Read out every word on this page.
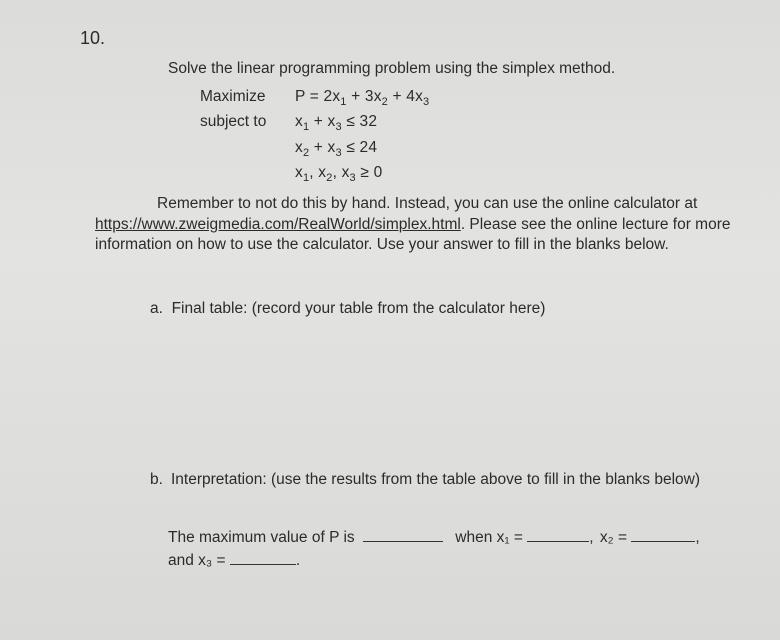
10.
Solve the linear programming problem using the simplex method.
Maximize $P = 2x_1 + 3x_2 + 4x_3$
subject to $x_1 + x_3 \le 32$
$x_2 + x_3 \le 24$
$x_1$, $x_2$, $x_3 \ge 0$
Remember to not do this by hand. Instead, you can use the online calculator at https://www.zweigmedia.com/RealWorld/simplex.html. Please see the online lecture for more information on how to use the calculator. Use your answer to fill in the blanks below.
a. Final table: (record your table from the calculator here)
b. Interpretation: (use the results from the table above to fill in the blanks below)
The maximum value of P is	when x₁ =	, x₂ =	,
and x₃ =	.
